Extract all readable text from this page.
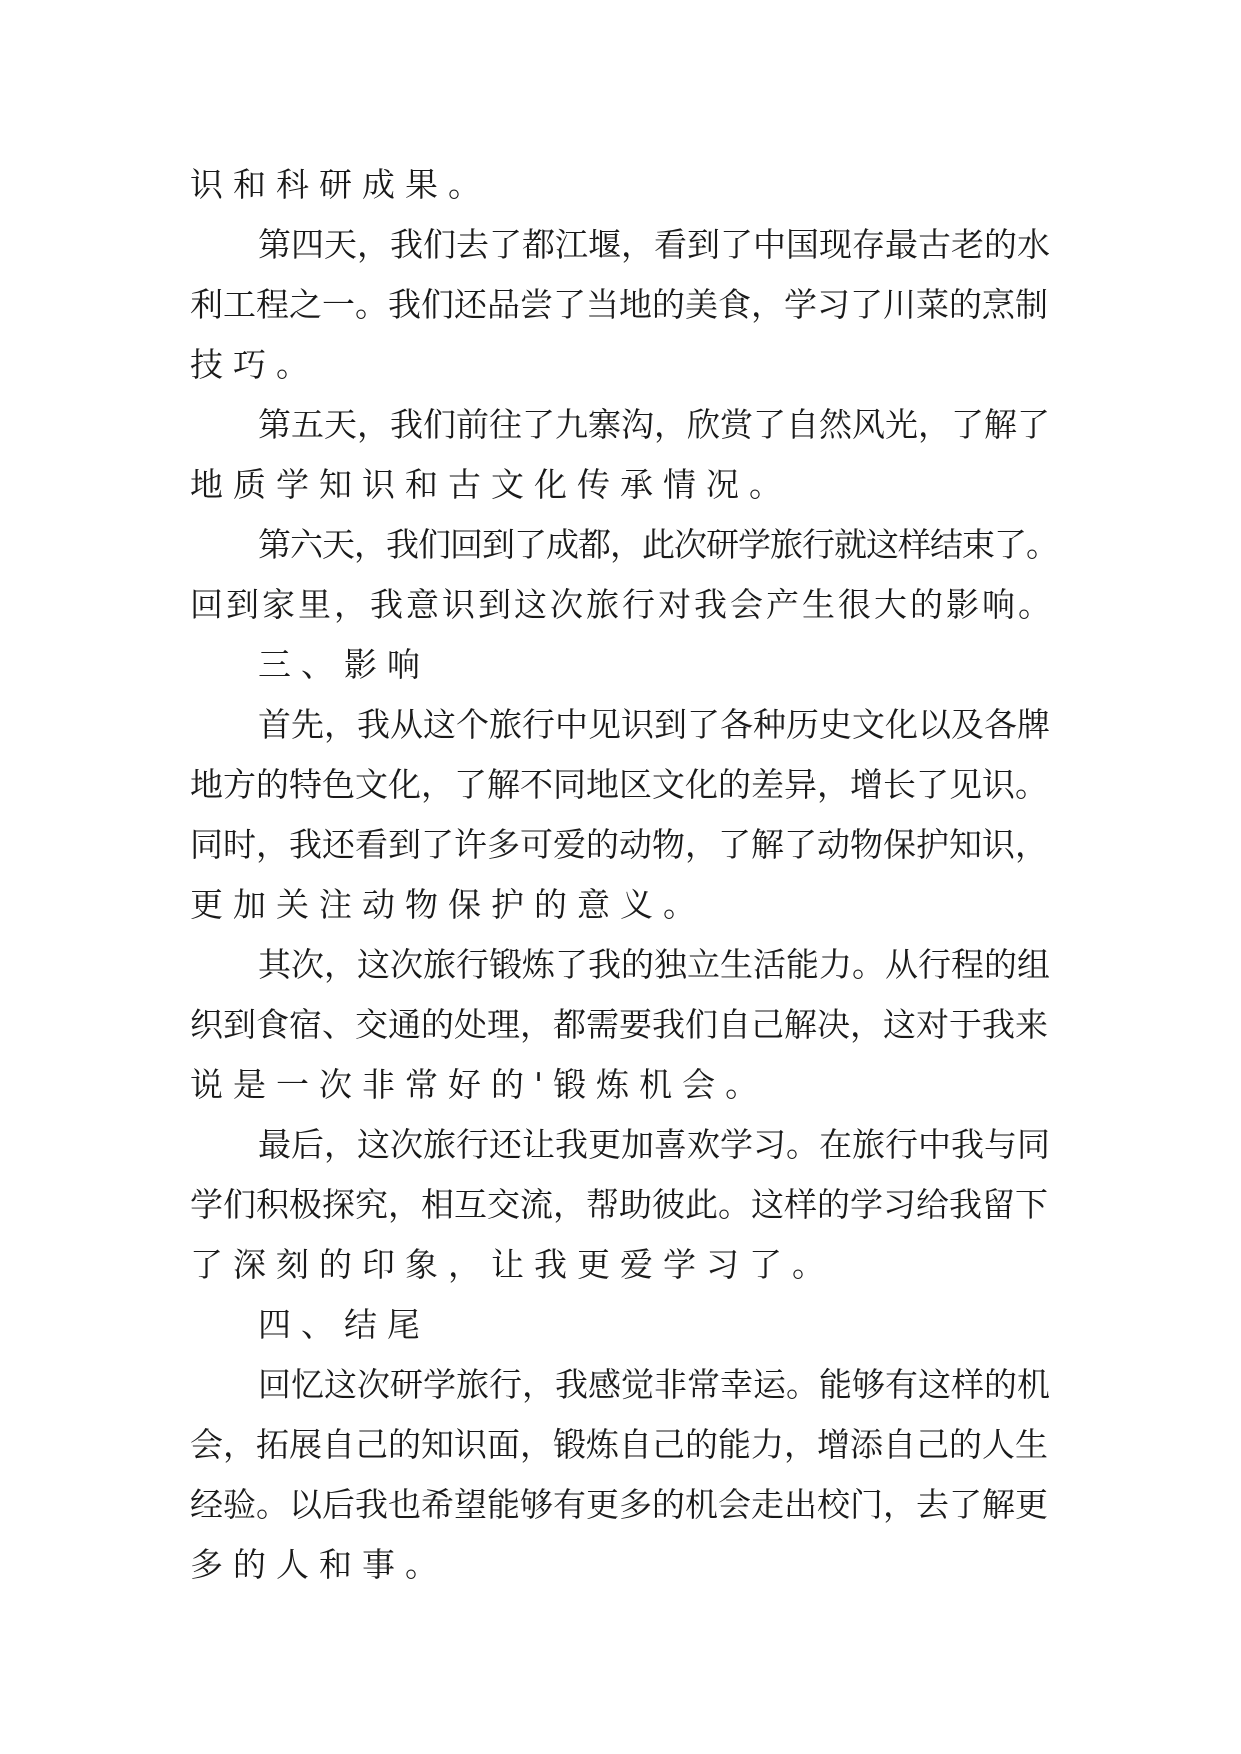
识和科研成果。
第四天，我们去了都江堰，看到了中国现存最古老的水
利工程之一。我们还品尝了当地的美食，学习了川菜的烹制
技巧。
第五天，我们前往了九寨沟，欣赏了自然风光，了解了
地质学知识和古文化传承情况。
第六天，我们回到了成都，此次研学旅行就这样结束了。
回到家里，我意识到这次旅行对我会产生很大的影响。
三、影响
首先，我从这个旅行中见识到了各种历史文化以及各牌
地方的特色文化，了解不同地区文化的差异，增长了见识。
同时，我还看到了许多可爱的动物，了解了动物保护知识，
更加关注动物保护的意义。
其次，这次旅行锻炼了我的独立生活能力。从行程的组
织到食宿、交通的处理，都需要我们自己解决，这对于我来
说是一次非常好的'锻炼机会。
最后，这次旅行还让我更加喜欢学习。在旅行中我与同
学们积极探究，相互交流，帮助彼此。这样的学习给我留下
了深刻的印象，让我更爱学习了。
四、结尾
回忆这次研学旅行，我感觉非常幸运。能够有这样的机
会，拓展自己的知识面，锻炼自己的能力，增添自己的人生
经验。以后我也希望能够有更多的机会走出校门，去了解更
多的人和事。
